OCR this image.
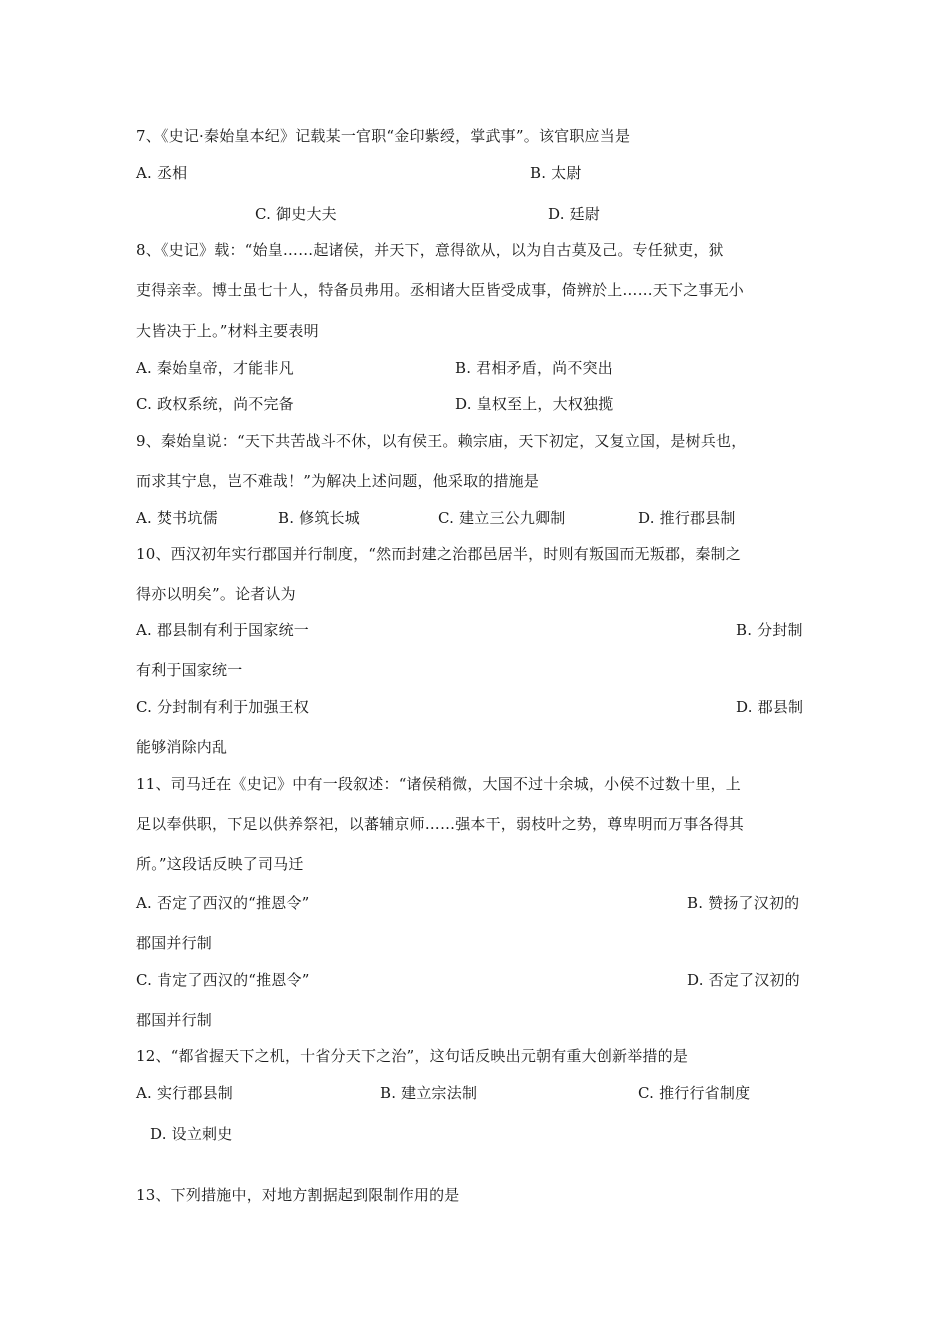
7、《史记·秦始皇本纪》记载某一官职“金印紫绶，掌武事”。该官职应当是
A. 丞相	B. 太尉
C. 御史大夫	D. 廷尉
8、《史记》载：“始皇……起诸侯，并天下，意得欲从，以为自古莫及己。专任狱吏，狱
吏得亲幸。博士虽七十人，特备员弗用。丞相诸大臣皆受成事，倚辨於上……天下之事无小
大皆决于上。”材料主要表明
A. 秦始皇帝，才能非凡	B. 君相矛盾，尚不突出
C. 政权系统，尚不完备	D. 皇权至上，大权独揽
9、秦始皇说：“天下共苦战斗不休，以有侯王。赖宗庙，天下初定，又复立国，是树兵也，
而求其宁息，岂不难哉！”为解决上述问题，他采取的措施是
A. 焚书坑儒	B. 修筑长城	C. 建立三公九卿制	D. 推行郡县制
10、西汉初年实行郡国并行制度，“然而封建之治郡邑居半，时则有叛国而无叛郡，秦制之
得亦以明矣”。论者认为
A. 郡县制有利于国家统一	B. 分封制
有利于国家统一
C. 分封制有利于加强王权	D. 郡县制
能够消除内乱
11、司马迁在《史记》中有一段叙述：“诸侯稍微，大国不过十余城，小侯不过数十里，上
足以奉供职，下足以供养祭祀，以蕃辅京师……强本干，弱枝叶之势，尊卑明而万事各得其
所。”这段话反映了司马迁
A. 否定了西汉的“推恩令”	B. 赞扬了汉初的
郡国并行制
C. 肯定了西汉的“推恩令”	D. 否定了汉初的
郡国并行制
12、“都省握天下之机，十省分天下之治”，这句话反映出元朝有重大创新举措的是
A. 实行郡县制	B. 建立宗法制	C. 推行行省制度
D. 设立刺史
13、下列措施中，对地方割据起到限制作用的是
